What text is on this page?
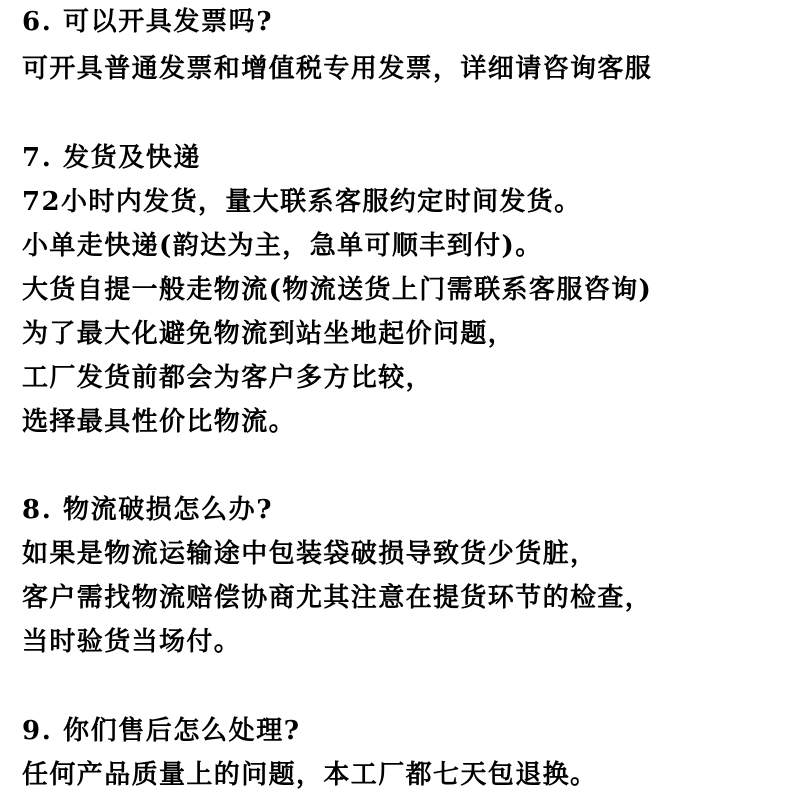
6. 可以开具发票吗?
可开具普通发票和增值税专用发票，详细请咨询客服
7. 发货及快递
72小时内发货，量大联系客服约定时间发货。
小单走快递(韵达为主，急单可顺丰到付)。
大货自提一般走物流(物流送货上门需联系客服咨询)
为了最大化避免物流到站坐地起价问题，
工厂发货前都会为客户多方比较，
选择最具性价比物流。
8. 物流破损怎么办?
如果是物流运输途中包装袋破损导致货少货脏，
客户需找物流赔偿协商尤其注意在提货环节的检查，
当时验货当场付。
9. 你们售后怎么处理?
任何产品质量上的问题，本工厂都七天包退换。
